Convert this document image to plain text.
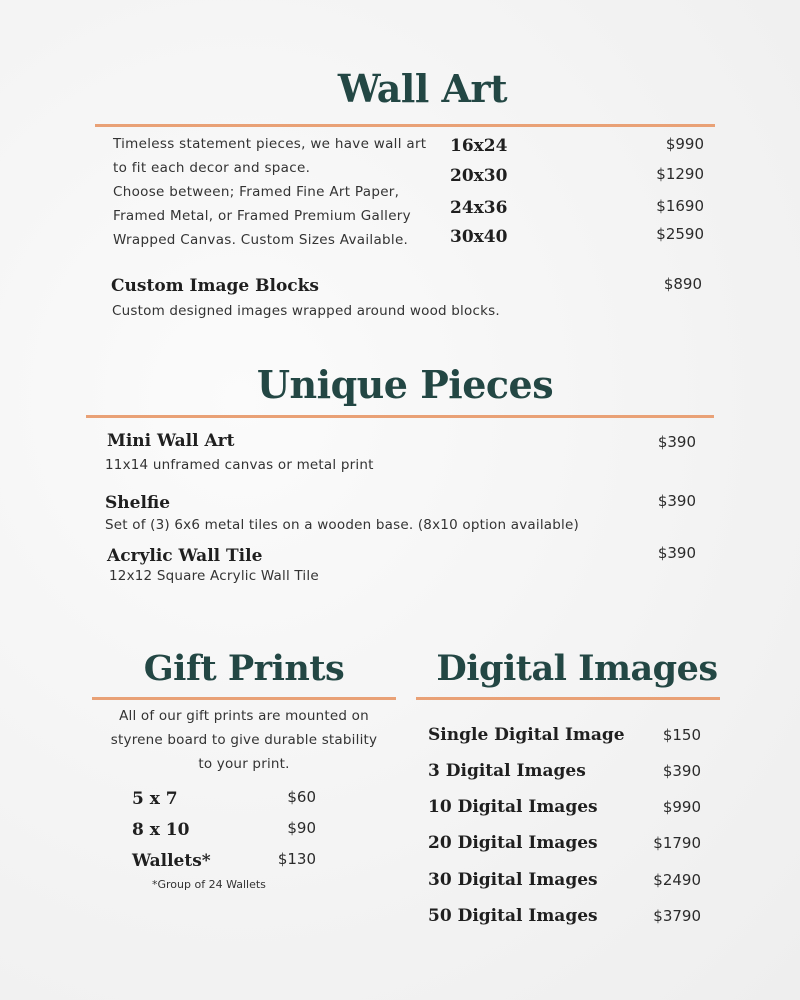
Wall Art
Timeless statement pieces, we have wall art
to fit each decor and space.
Choose between; Framed Fine Art Paper,
Framed Metal, or Framed Premium Gallery
Wrapped Canvas. Custom Sizes Available.
16x24	$990
20x30	$1290
24x36	$1690
30x40	$2590
Custom Image Blocks	$890
Custom designed images wrapped around wood blocks.
Unique Pieces
Mini Wall Art	$390
11x14 unframed canvas or metal print
Shelfie	$390
Set of (3) 6x6 metal tiles on a wooden base. (8x10 option available)
Acrylic Wall Tile	$390
12x12 Square Acrylic Wall Tile
Gift Prints
All of our gift prints are mounted on
styrene board to give durable stability
to your print.
5 x 7	$60
8 x 10	$90
Wallets*	$130
*Group of 24 Wallets
Digital Images
Single Digital Image	$150
3 Digital Images	$390
10 Digital Images	$990
20 Digital Images	$1790
30 Digital Images	$2490
50 Digital Images	$3790
